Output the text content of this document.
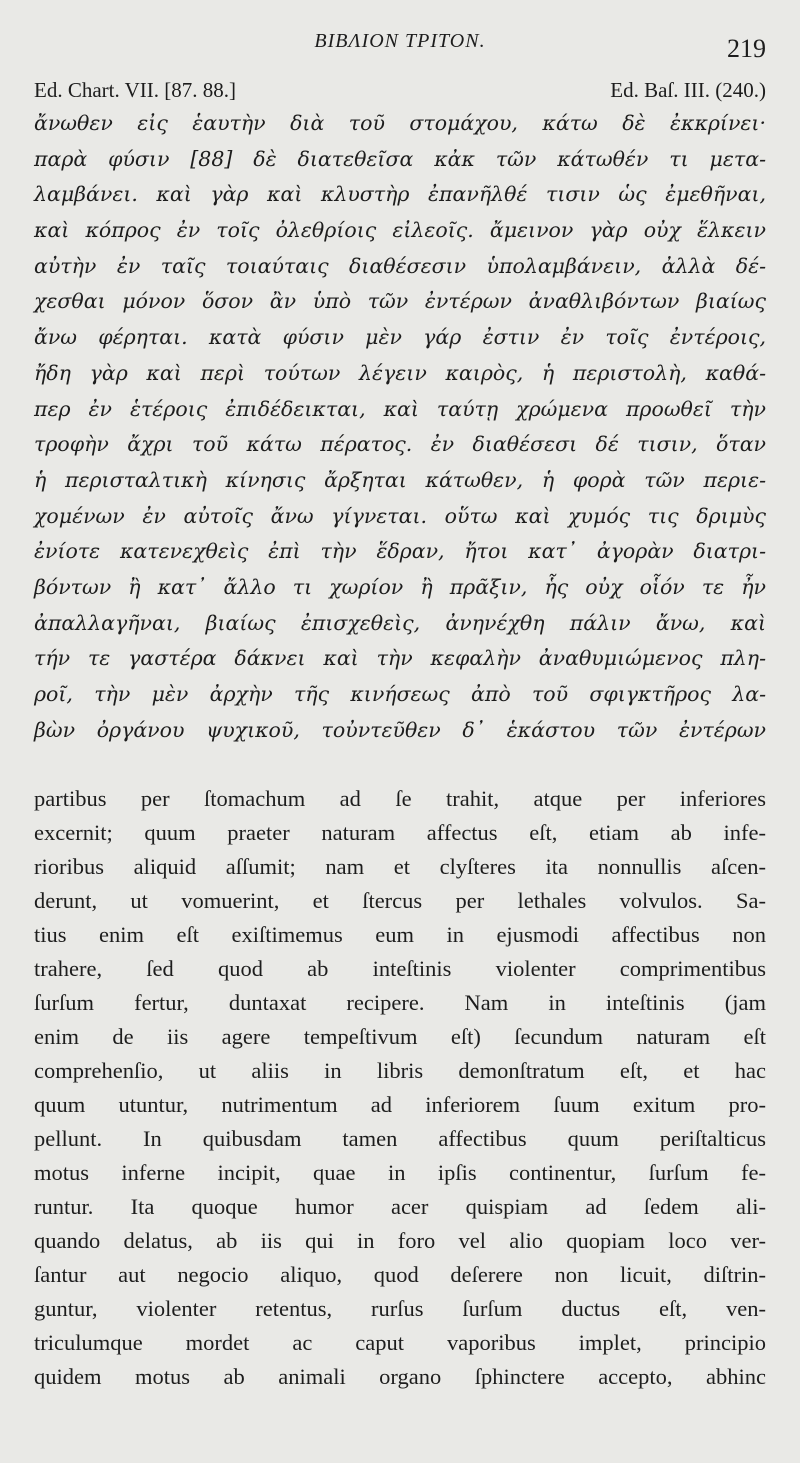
BIBΛΙΟΝ ΤΡΙΤΟΝ.	219
Ed. Chart. VII. [87. 88.]	Ed. Baſ. III. (240.)
ἄνωθεν εἰς ἑαυτὴν διὰ τοῦ στομάχου, κάτω δὲ ἐκκρίνει·
παρὰ φύσιν [88] δὲ διατεθεῖσα κἀκ τῶν κάτωθέν τι μετα-
λαμβάνει. καὶ γὰρ καὶ κλυστὴρ ἐπανῆλθέ τισιν ὡς ἐμεθῆναι,
καὶ κόπρος ἐν τοῖς ὀλεθρίοις εἰλεοῖς. ἄμεινον γὰρ οὐχ ἕλκειν
αὐτὴν ἐν ταῖς τοιαύταις διαθέσεσιν ὑπολαμβάνειν, ἀλλὰ δέ-
χεσθαι μόνον ὅσον ἂν ὑπὸ τῶν ἐντέρων ἀναθλιβόντων βιαίως
ἄνω φέρηται. κατὰ φύσιν μὲν γάρ ἐστιν ἐν τοῖς ἐντέροις,
ἤδη γὰρ καὶ περὶ τούτων λέγειν καιρὸς, ἡ περιστολὴ, καθά-
περ ἐν ἑτέροις ἐπιδέδεικται, καὶ ταύτῃ χρώμενα προωθεῖ τὴν
τροφὴν ἄχρι τοῦ κάτω πέρατος. ἐν διαθέσεσι δέ τισιν, ὅταν
ἡ περισταλτικὴ κίνησις ἄρξηται κάτωθεν, ἡ φορὰ τῶν περιε-
χομένων ἐν αὐτοῖς ἄνω γίγνεται. οὕτω καὶ χυμός τις δριμὺς
ἐνίοτε κατενεχθεὶς ἐπὶ τὴν ἕδραν, ἤτοι κατ᾽ ἀγορὰν διατρι-
βόντων ἢ κατ᾽ ἄλλο τι χωρίον ἢ πρᾶξιν, ἧς οὐχ οἷόν τε ἦν
ἀπαλλαγῆναι, βιαίως ἐπισχεθεὶς, ἀνηνέχθη πάλιν ἄνω, καὶ
τήν τε γαστέρα δάκνει καὶ τὴν κεφαλὴν ἀναθυμιώμενος πλη-
ροῖ, τὴν μὲν ἀρχὴν τῆς κινήσεως ἀπὸ τοῦ σφιγκτῆρος λα-
βὼν ὀργάνου ψυχικοῦ, τοὐντεῦθεν δ᾽ ἑκάστου τῶν ἐντέρων
partibus per ſtomachum ad ſe trahit, atque per inferiores
excernit; quum praeter naturam affectus eſt, etiam ab infe-
rioribus aliquid aſſumit; nam et clyſteres ita nonnullis aſcen-
derunt, ut vomuerint, et ſtercus per lethales volvulos. Sa-
tius enim eſt exiſtimemus eum in ejusmodi affectibus non
trahere, ſed quod ab inteſtinis violenter comprimentibus
ſurſum fertur, duntaxat recipere. Nam in inteſtinis (jam
enim de iis agere tempeſtivum eſt) ſecundum naturam eſt
comprehenſio, ut aliis in libris demonſtratum eſt, et hac
quum utuntur, nutrimentum ad inferiorem ſuum exitum pro-
pellunt. In quibusdam tamen affectibus quum periſtalticus
motus inferne incipit, quae in ipſis continentur, ſurſum fe-
runtur. Ita quoque humor acer quispiam ad ſedem ali-
quando delatus, ab iis qui in foro vel alio quopiam loco ver-
ſantur aut negocio aliquo, quod deſerere non licuit, diſtrin-
guntur, violenter retentus, rurſus ſurſum ductus eſt, ven-
triculumque mordet ac caput vaporibus implet, principio
quidem motus ab animali organo ſphinctere accepto, abhinc
